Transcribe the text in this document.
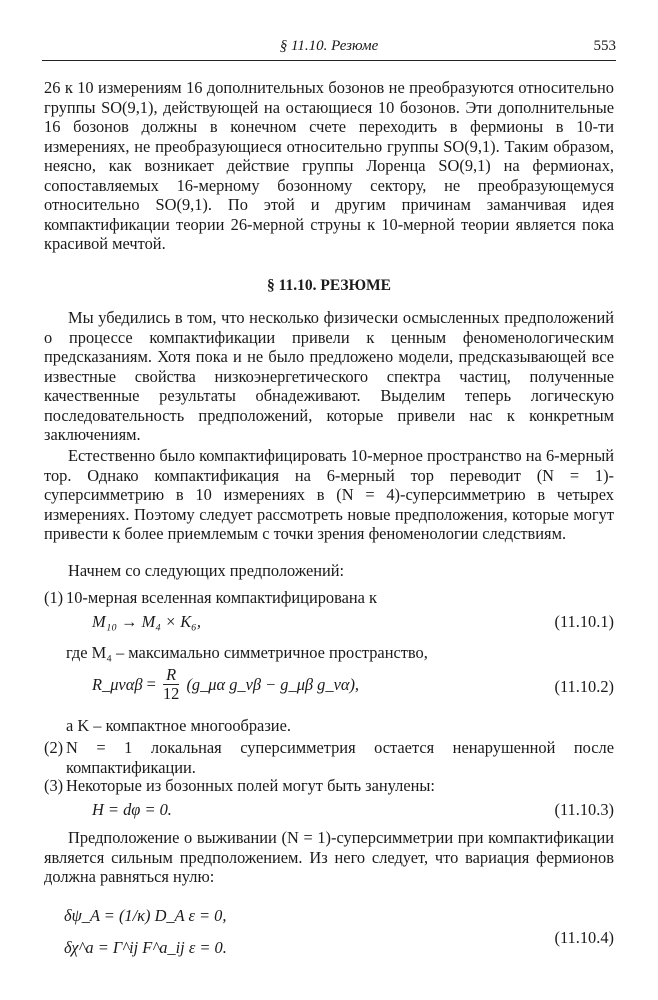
§ 11.10. Резюме	553

26 к 10 измерениям 16 дополнительных бозонов не преобразуются относительно группы SO(9,1), действующей на остающиеся 10 бозонов. Эти дополнительные 16 бозонов должны в конечном счете переходить в фермионы в 10-ти измерениях, не преобразующиеся относительно группы SO(9,1). Таким образом, неясно, как возникает действие группы Лоренца SO(9,1) на фермионах, сопоставляемых 16-мерному бозонному сектору, не преобразующемуся относительно SO(9,1). По этой и другим причинам заманчивая идея компактификации теории 26-мерной струны к 10-мерной теории является пока красивой мечтой.

§ 11.10. РЕЗЮМЕ

Мы убедились в том, что несколько физически осмысленных предположений о процессе компактификации привели к ценным феноменологическим предсказаниям. Хотя пока и не было предложено модели, предсказывающей все известные свойства низкоэнергетического спектра частиц, полученные качественные результаты обнадеживают. Выделим теперь логическую последовательность предположений, которые привели нас к конкретным заключениям.

Естественно было компактифицировать 10-мерное пространство на 6-мерный тор. Однако компактификация на 6-мерный тор переводит (N = 1)-суперсимметрию в 10 измерениях в (N = 4)-суперсимметрию в четырех измерениях. Поэтому следует рассмотреть новые предположения, которые могут привести к более приемлемым с точки зрения феноменологии следствиям.

Начнем со следующих предположений:

(1) 10-мерная вселенная компактифицирована к
M₁₀ → M₄ × K₆,	(11.10.1)

где M₄ – максимально симметричное пространство,

R_μναβ = $\frac{R}{12}$ (g_μα g_νβ − g_μβ g_να),	(11.10.2)

а K – компактное многообразие.

(2) N = 1 локальная суперсимметрия остается ненарушенной после компактификации.
(3) Некоторые из бозонных полей могут быть занулены:
H = dφ = 0.	(11.10.3)

Предположение о выживании (N = 1)-суперсимметрии при компактификации является сильным предположением. Из него следует, что вариация фермионов должна равняться нулю:

δψ_A = (1/κ) D_A ε = 0,
δχ^a = Γ^ij F^a_ij ε = 0.
(11.10.4)
